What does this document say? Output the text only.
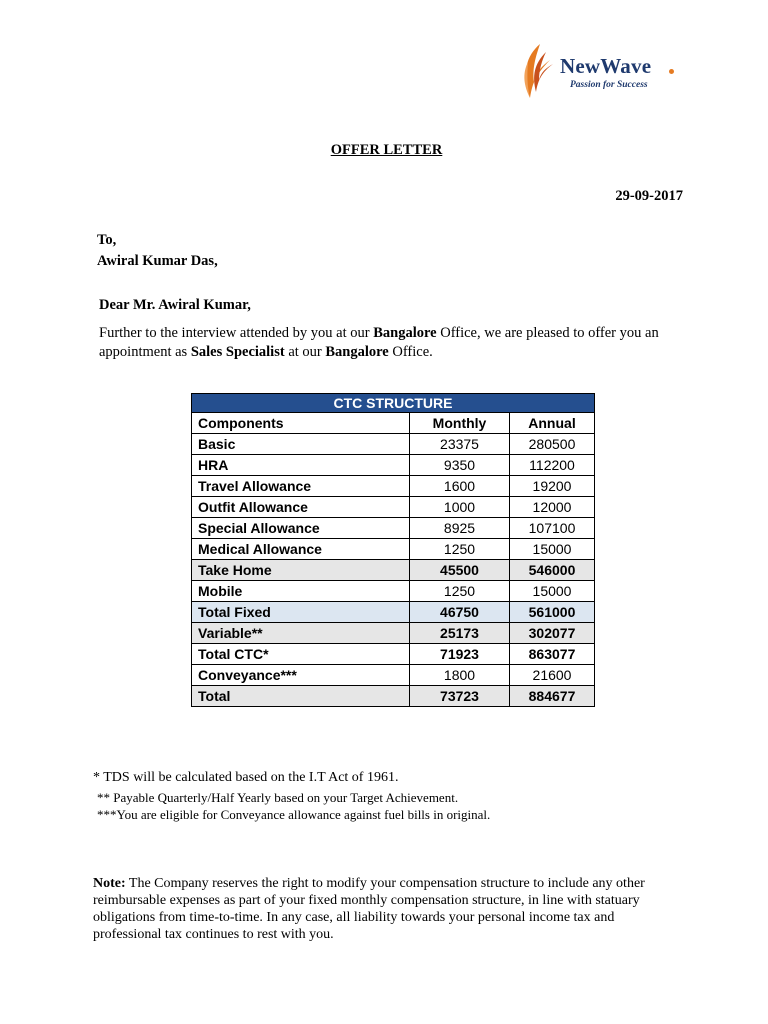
NewWave
Passion for Success
OFFER LETTER
29-09-2017
To,
Awiral Kumar Das,
Dear Mr. Awiral Kumar,
Further to the interview attended by you at our Bangalore Office, we are pleased to offer you an appointment as Sales Specialist at our Bangalore Office.
CTC STRUCTURE		
Components	Monthly	Annual
Basic	23375	280500
HRA	9350	112200
Travel Allowance	1600	19200
Outfit Allowance	1000	12000
Special Allowance	8925	107100
Medical Allowance	1250	15000
Take Home	45500	546000
Mobile	1250	15000
Total Fixed	46750	561000
Variable**	25173	302077
Total CTC*	71923	863077
Conveyance***	1800	21600
Total	73723	884677
* TDS will be calculated based on the I.T Act of 1961.
** Payable Quarterly/Half Yearly based on your Target Achievement.
***You are eligible for Conveyance allowance against fuel bills in original.
Note: The Company reserves the right to modify your compensation structure to include any other reimbursable expenses as part of your fixed monthly compensation structure, in line with statuary obligations from time-to-time. In any case, all liability towards your personal income tax and professional tax continues to rest with you.
